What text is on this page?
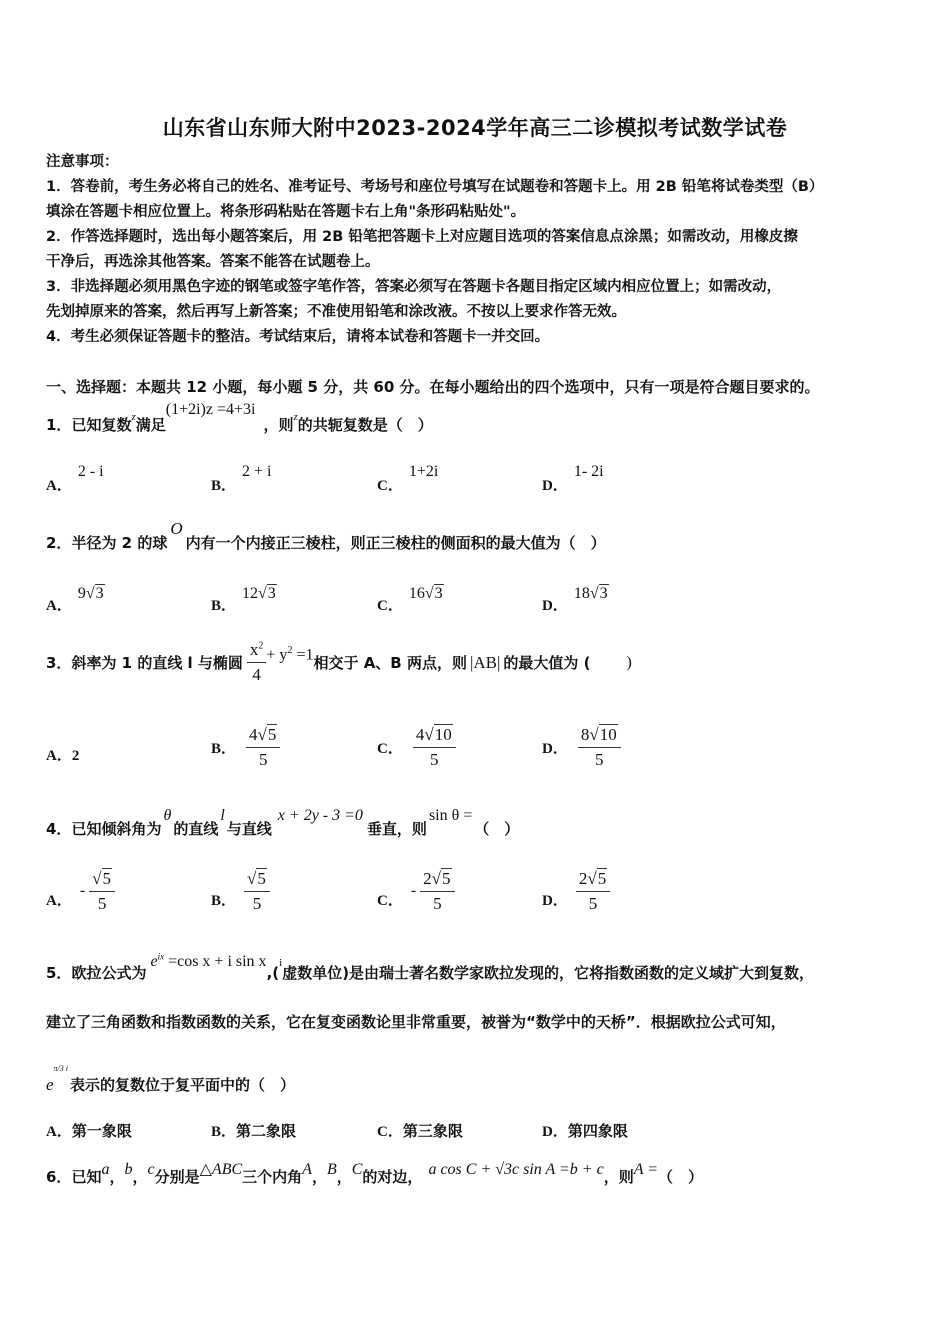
山东省山东师大附中2023-2024学年高三二诊模拟考试数学试卷
注意事项：
1．答卷前，考生务必将自己的姓名、准考证号、考场号和座位号填写在试题卷和答题卡上。用 2B 铅笔将试卷类型（B）
填涂在答题卡相应位置上。将条形码粘贴在答题卡右上角"条形码粘贴处"。
2．作答选择题时，选出每小题答案后，用 2B 铅笔把答题卡上对应题目选项的答案信息点涂黑；如需改动，用橡皮擦
干净后，再选涂其他答案。答案不能答在试题卷上。
3．非选择题必须用黑色字迹的钢笔或签字笔作答，答案必须写在答题卡各题目指定区域内相应位置上；如需改动，
先划掉原来的答案，然后再写上新答案；不准使用铅笔和涂改液。不按以上要求作答无效。
4．考生必须保证答题卡的整洁。考试结束后，请将本试卷和答题卡一并交回。
一、选择题：本题共 12 小题，每小题 5 分，共 60 分。在每小题给出的四个选项中，只有一项是符合题目要求的。
1．已知复数$_z$满足(1+2i)z =4+3i，则$_z$的共轭复数是（　）
A．2 - i
B．2 + i
C．1+2i
D．1- 2i
2．半径为 2 的球O内有一个内接正三棱柱，则正三棱柱的侧面积的最大值为（　）
A．9√3
B．12√3
C．16√3
D．18√3
3． 斜率为 1 的直线 l 与椭圆 $\frac{x^2}{4} + y^2 =1$ 相交于 A、B 两点，则 |AB| 的最大值为 ( )
A．2	B． $\frac{4√5}{5}$	C． $\frac{4√10}{5}$	D． $\frac{8√10}{5}$
4．已知倾斜角为θ的直线l与直线x + 2y - 3 =0垂直，则sin θ =（　）
A．
- $\frac{√5}{5}$	B． $\frac{√5}{5}$	C．
- $\frac{2√5}{5}$	D． $\frac{2√5}{5}$
5．欧拉公式为$e^{ix} =\cos$ x + i sin x,(i虚数单位)是由瑞士著名数学家欧拉发现的，它将指数函数的定义域扩大到复数，
建立了三角函数和指数函数的关系，它在复变函数论里非常重要，被誉为“数学中的天桥”．根据欧拉公式可知，
$e^{\pi/3 i}$表示的复数位于复平面中的（　）
A．第一象限	B．第二象限	C．第三象限	D．第四象限
6．已知a，b，c分别是△ABC三个内角A，B，C的对边， a cos C + √3c sin A =b + c，则A =（　）
